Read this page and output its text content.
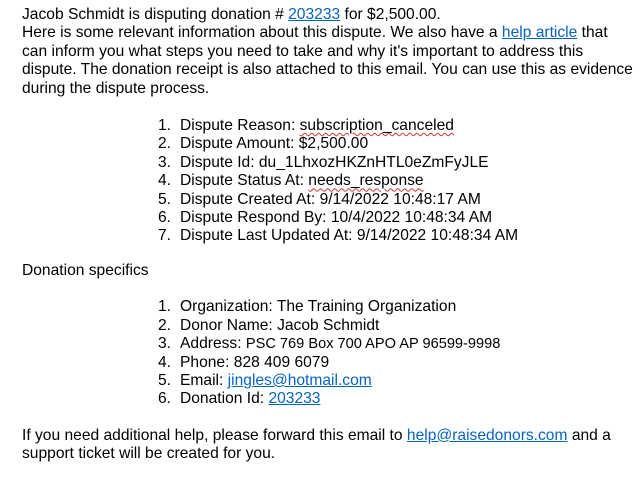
Jacob Schmidt is disputing donation # 203233 for $2,500.00.

Here is some relevant information about this dispute. We also have a help article that can inform you what steps you need to take and why it's important to address this dispute. The donation receipt is also attached to this email. You can use this as evidence during the dispute process.

1. Dispute Reason: subscription_canceled
2. Dispute Amount: $2,500.00
3. Dispute Id: du_1LhxozHKZnHTL0eZmFyJLE
4. Dispute Status At: needs_response
5. Dispute Created At: 9/14/2022 10:48:17 AM
6. Dispute Respond By: 10/4/2022 10:48:34 AM
7. Dispute Last Updated At: 9/14/2022 10:48:34 AM

Donation specifics

1. Organization: The Training Organization
2. Donor Name: Jacob Schmidt
3. Address: PSC 769 Box 700 APO AP 96599-9998
4. Phone: 828 409 6079
5. Email: jingles@hotmail.com
6. Donation Id: 203233

If you need additional help, please forward this email to help@raisedonors.com and a support ticket will be created for you.
